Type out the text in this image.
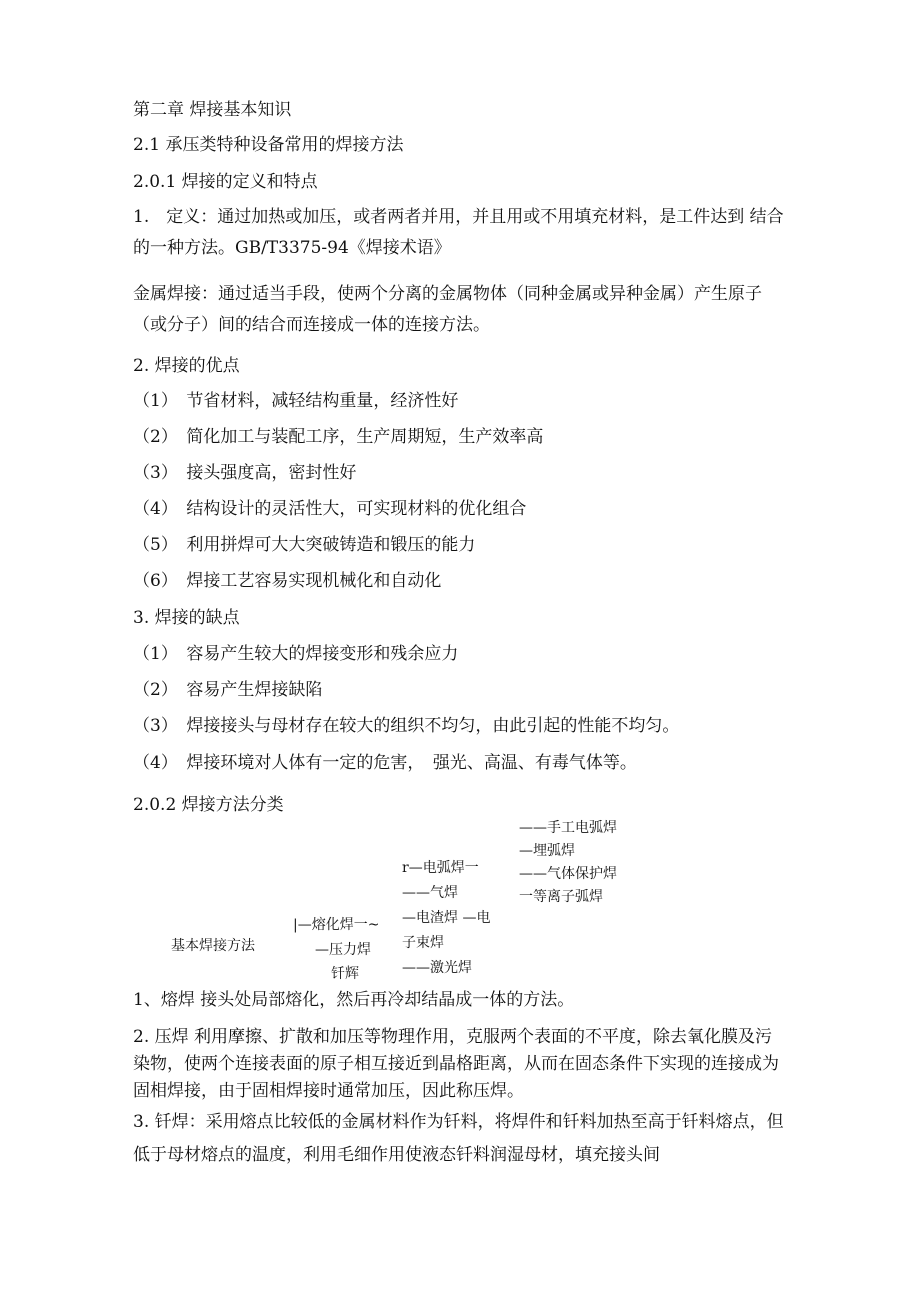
第二章 焊接基本知识
2.1 承压类特种设备常用的焊接方法
2.0.1 焊接的定义和特点
1.　定义：通过加热或加压，或者两者并用，并且用或不用填充材料，是工件达到 结合的一种方法。GB/T3375-94《焊接术语》
金属焊接：通过适当手段，使两个分离的金属物体（同种金属或异种金属）产生原子（或分子）间的结合而连接成一体的连接方法。
2. 焊接的优点
（1）　节省材料，减轻结构重量，经济性好
（2）　简化加工与装配工序，生产周期短，生产效率高
（3）　接头强度高，密封性好
（4）　结构设计的灵活性大，可实现材料的优化组合
（5）　利用拼焊可大大突破铸造和锻压的能力
（6）　焊接工艺容易实现机械化和自动化
3. 焊接的缺点
（1）　容易产生较大的焊接变形和残余应力
（2）　容易产生焊接缺陷
（3）　焊接接头与母材存在较大的组织不均匀，由此引起的性能不均匀。
（4）　焊接环境对人体有一定的危害，　强光、高温、有毒气体等。
2.0.2 焊接方法分类
——手工电弧焊
—埋弧焊
——气体保护焊
一等离子弧焊
r—电弧焊一
——气焊
—电渣焊 —电
子束焊
——激光焊
|—熔化焊一~
—压力焊
钎辉
基本焊接方法
1、熔焊 接头处局部熔化，然后再冷却结晶成一体的方法。
2. 压焊 利用摩擦、扩散和加压等物理作用，克服两个表面的不平度，除去氧化膜及污染物，使两个连接表面的原子相互接近到晶格距离，从而在固态条件下实现的连接成为固相焊接，由于固相焊接时通常加压，因此称压焊。
3. 钎焊：采用熔点比较低的金属材料作为钎料，将焊件和钎料加热至高于钎料熔点，但低于母材熔点的温度，利用毛细作用使液态钎料润湿母材，填充接头间
